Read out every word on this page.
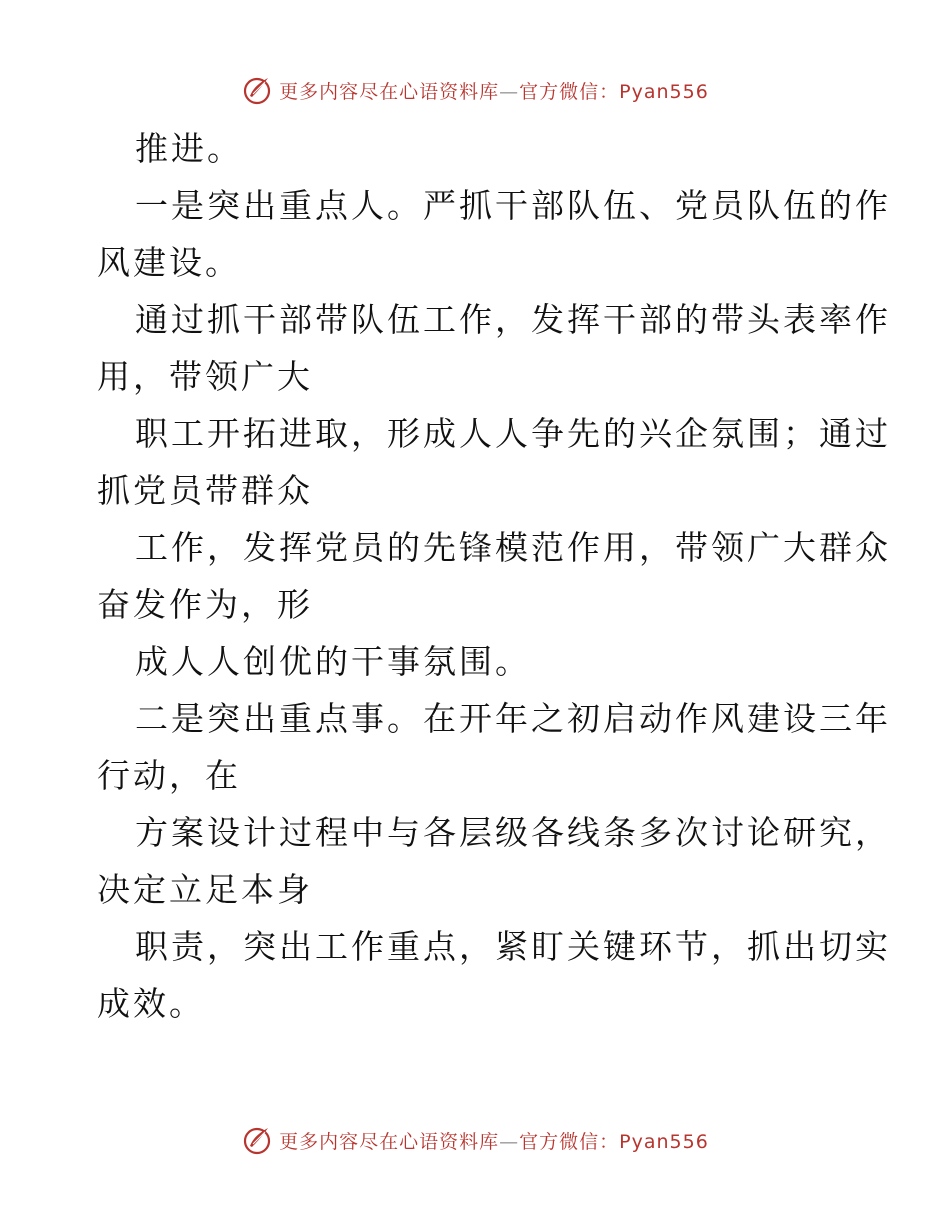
更多内容尽在心语资料库—官方微信：Pyan556
推进。
一是突出重点人。严抓干部队伍、党员队伍的作
风建设。
通过抓干部带队伍工作，发挥干部的带头表率作
用，带领广大
职工开拓进取，形成人人争先的兴企氛围；通过
抓党员带群众
工作，发挥党员的先锋模范作用，带领广大群众
奋发作为，形
成人人创优的干事氛围。
二是突出重点事。在开年之初启动作风建设三年
行动，在
方案设计过程中与各层级各线条多次讨论研究，
决定立足本身
职责，突出工作重点，紧盯关键环节，抓出切实
成效。
更多内容尽在心语资料库—官方微信：Pyan556
